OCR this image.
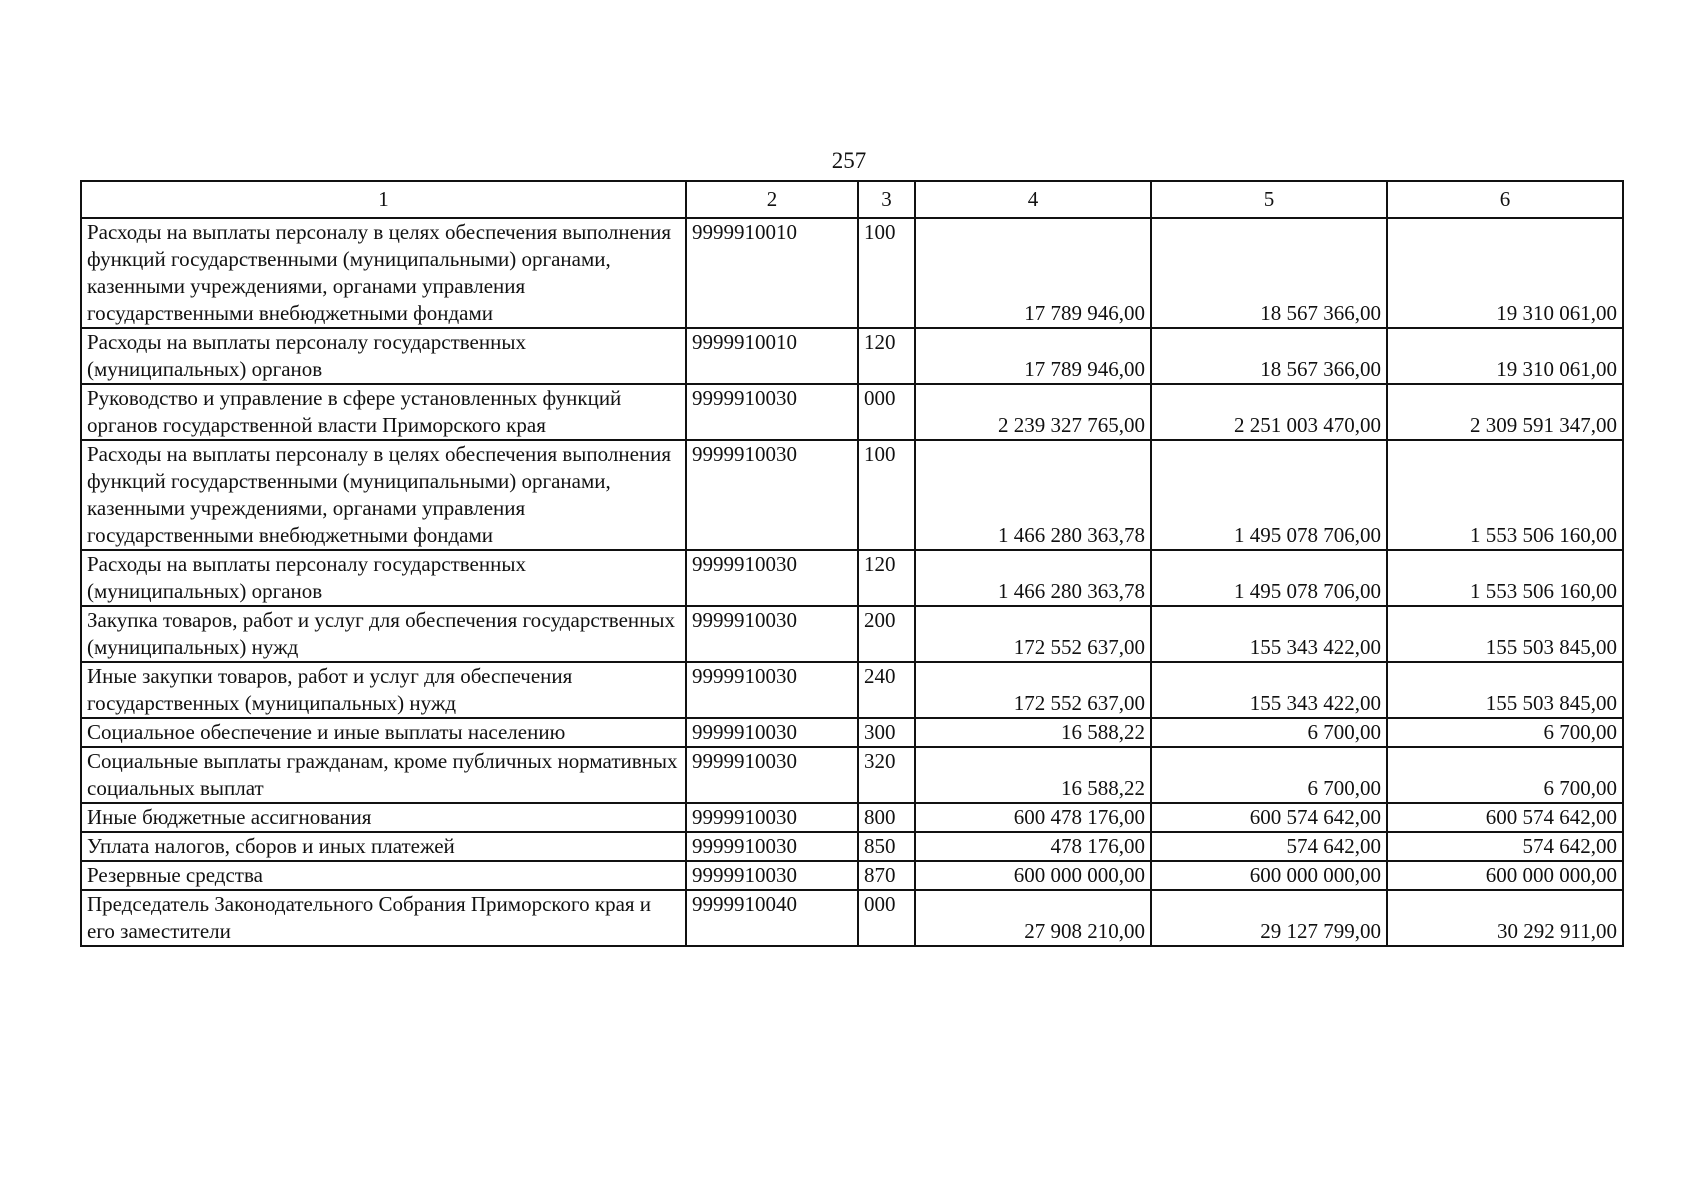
257
1	2	3	4	5	6
Расходы на выплаты персоналу в целях обеспечения выполнения функций государственными (муниципальными) органами, казенными учреждениями, органами управления государственными внебюджетными фондами	9999910010	100	17 789 946,00	18 567 366,00	19 310 061,00
Расходы на выплаты персоналу государственных (муниципальных) органов	9999910010	120	17 789 946,00	18 567 366,00	19 310 061,00
Руководство и управление в сфере установленных функций органов государственной власти Приморского края	9999910030	000	2 239 327 765,00	2 251 003 470,00	2 309 591 347,00
Расходы на выплаты персоналу в целях обеспечения выполнения функций государственными (муниципальными) органами, казенными учреждениями, органами управления государственными внебюджетными фондами	9999910030	100	1 466 280 363,78	1 495 078 706,00	1 553 506 160,00
Расходы на выплаты персоналу государственных (муниципальных) органов	9999910030	120	1 466 280 363,78	1 495 078 706,00	1 553 506 160,00
Закупка товаров, работ и услуг для обеспечения государственных (муниципальных) нужд	9999910030	200	172 552 637,00	155 343 422,00	155 503 845,00
Иные закупки товаров, работ и услуг для обеспечения государственных (муниципальных) нужд	9999910030	240	172 552 637,00	155 343 422,00	155 503 845,00
Социальное обеспечение и иные выплаты населению	9999910030	300	16 588,22	6 700,00	6 700,00
Социальные выплаты гражданам, кроме публичных нормативных социальных выплат	9999910030	320	16 588,22	6 700,00	6 700,00
Иные бюджетные ассигнования	9999910030	800	600 478 176,00	600 574 642,00	600 574 642,00
Уплата налогов, сборов и иных платежей	9999910030	850	478 176,00	574 642,00	574 642,00
Резервные средства	9999910030	870	600 000 000,00	600 000 000,00	600 000 000,00
Председатель Законодательного Собрания Приморского края и его заместители	9999910040	000	27 908 210,00	29 127 799,00	30 292 911,00
